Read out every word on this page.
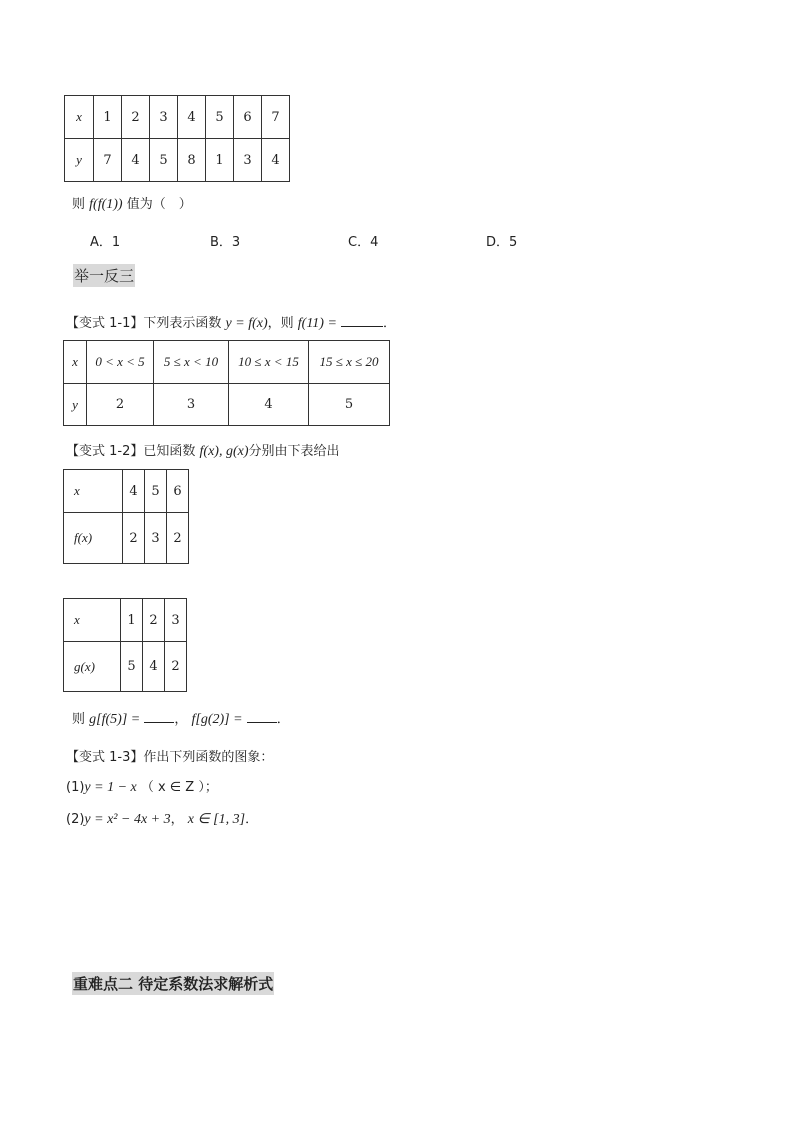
x	1	2	3	4	5	6	7
y	7	4	5	8	1	3	4
则 f(f(1)) 值为（　）
A．1	B．3	C．4	D．5
举一反三
【变式 1-1】下列表示函数 y = f(x)，则 f(11) =	．
x	0 < x < 5	5 ≤ x < 10	10 ≤ x < 15	15 ≤ x ≤ 20
y	2	3	4	5
【变式 1-2】已知函数 f(x), g(x)分别由下表给出
x	4	5	6
f(x)	2	3	2
x	1	2	3
g(x)	5	4	2
则 g[f(5)] =	， f[g(2)] =	．
【变式 1-3】作出下列函数的图象：
(1)y = 1 − x （ x ∈ Z ）；
(2)y = x² − 4x + 3， x ∈ [1, 3]．
重难点二 待定系数法求解析式
